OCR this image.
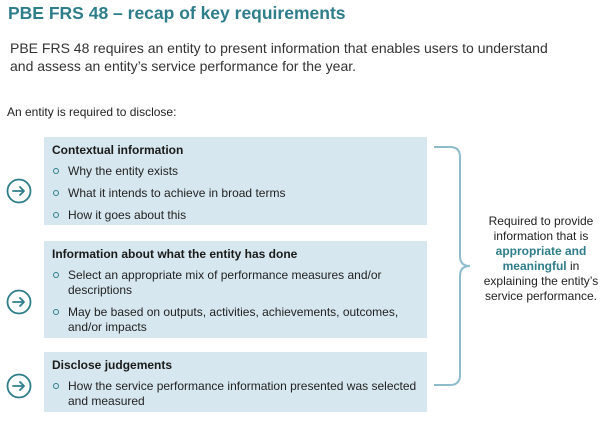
PBE FRS 48 – recap of key requirements

PBE FRS 48 requires an entity to present information that enables users to understand and assess an entity’s service performance for the year.

An entity is required to disclose:

Contextual information
Why the entity exists
What it intends to achieve in broad terms
How it goes about this
Information about what the entity has done
Select an appropriate mix of performance measures and/or descriptions
May be based on outputs, activities, achievements, outcomes, and/or impacts
Disclose judgements
How the service performance information presented was selected and measured

Required to provide information that is appropriate and meaningful in explaining the entity’s service performance.
